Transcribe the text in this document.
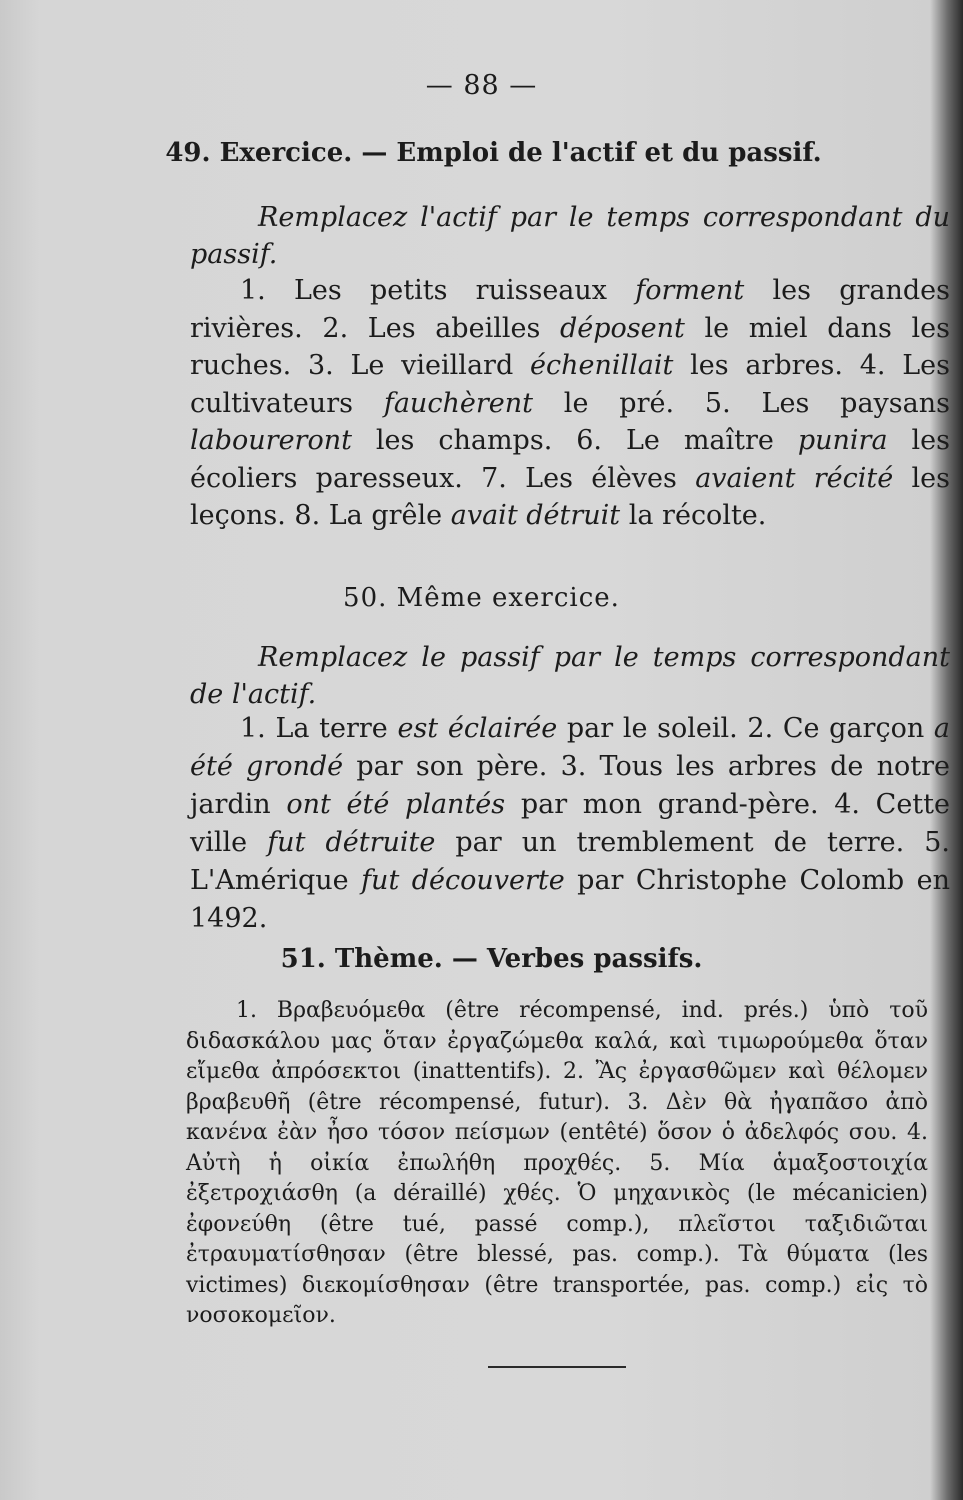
— 88 —
49. Exercice. — Emploi de l'actif et du passif.

Remplacez l'actif par le temps correspondant du passif.

1. Les petits ruisseaux forment les grandes rivières. 2. Les abeilles déposent le miel dans les ruches. 3. Le vieillard échenillait les arbres. 4. Les cultivateurs fauchèrent le pré. 5. Les paysans laboureront les champs. 6. Le maître punira les écoliers paresseux. 7. Les élèves avaient récité les leçons. 8. La grêle avait détruit la récolte.

50. Même exercice.

Remplacez le passif par le temps correspondant de l'actif.

1. La terre est éclairée par le soleil. 2. Ce garçon a été grondé par son père. 3. Tous les arbres de notre jardin ont été plantés par mon grand-père. 4. Cette ville fut détruite par un tremblement de terre. 5. L'Amérique fut découverte par Christophe Colomb en 1492.

51. Thème. — Verbes passifs.

1. Βραβευόμεθα (être récompensé, ind. prés.) ὑπὸ τοῦ διδασκάλου μας ὅταν ἐργαζώμεθα καλά, καὶ τιμωρούμεθα ὅταν εἴμεθα ἀπρόσεκτοι (inattentifs). 2. Ἂς ἐργασθῶμεν καὶ θέλομεν βραβευθῆ (être récompensé, futur). 3. Δὲν θὰ ἠγαπᾶσο ἀπὸ κανένα ἐὰν ἦσο τόσον πείσμων (entêté) ὅσον ὁ ἀδελφός σου. 4. Αὐτὴ ἡ οἰκία ἐπωλήθη προχθές. 5. Μία ἁμαξοστοιχία ἐξετροχιάσθη (a déraillé) χθές. Ὁ μηχανικὸς (le mécanicien) ἐφονεύθη (être tué, passé comp.), πλεῖστοι ταξιδιῶται ἐτραυματίσθησαν (être blessé, pas. comp.). Τὰ θύματα (les victimes) διεκομίσθησαν (être transportée, pas. comp.) εἰς τὸ νοσοκομεῖον.
